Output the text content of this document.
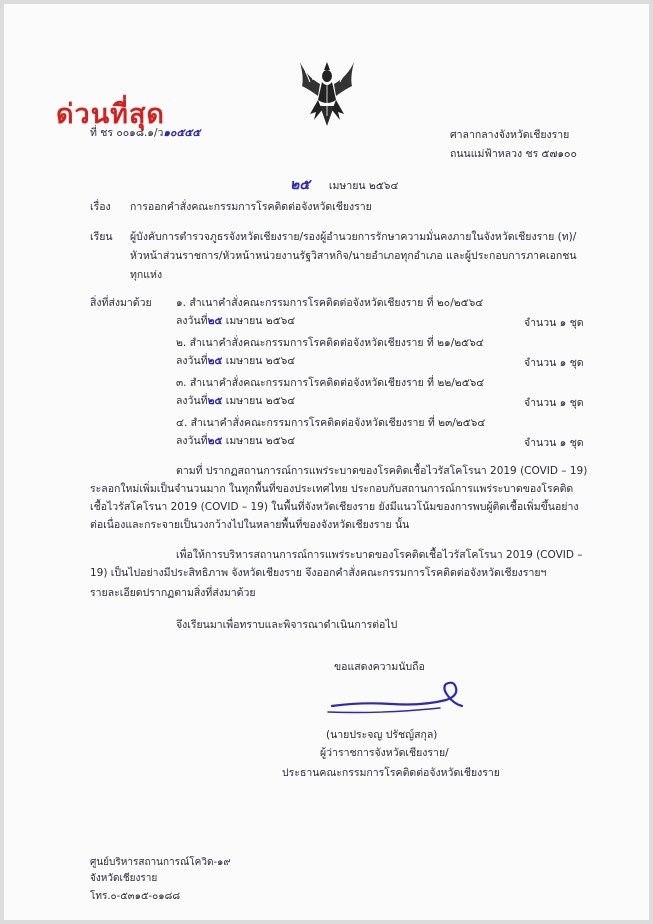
ด่วนที่สุด
ที่ ชร ๐๐๑๘.๑/ว๑๐๕๕๕	ศาลากลางจังหวัดเชียงราย
ถนนแม่ฟ้าหลวง ชร ๕๗๑๐๐
๒๕ เมษายน ๒๕๖๔
เรื่อง การออกคำสั่งคณะกรรมการโรคติดต่อจังหวัดเชียงราย
เรียน ผู้บังคับการตำรวจภูธรจังหวัดเชียงราย/รองผู้อำนวยการรักษาความมั่นคงภายในจังหวัดเชียงราย (ท)/
หัวหน้าส่วนราชการ/หัวหน้าหน่วยงานรัฐวิสาหกิจ/นายอำเภอทุกอำเภอ และผู้ประกอบการภาคเอกชน
ทุกแห่ง
สิ่งที่ส่งมาด้วย ๑. สำเนาคำสั่งคณะกรรมการโรคติดต่อจังหวัดเชียงราย ที่ ๒๐/๒๕๖๔
ลงวันที่๒๕ เมษายน ๒๕๖๔	จำนวน ๑ ชุด
๒. สำเนาคำสั่งคณะกรรมการโรคติดต่อจังหวัดเชียงราย ที่ ๒๑/๒๕๖๔
ลงวันที่๒๕ เมษายน ๒๕๖๔	จำนวน ๑ ชุด
๓. สำเนาคำสั่งคณะกรรมการโรคติดต่อจังหวัดเชียงราย ที่ ๒๒/๒๕๖๔
ลงวันที่๒๕ เมษายน ๒๕๖๔	จำนวน ๑ ชุด
๔. สำเนาคำสั่งคณะกรรมการโรคติดต่อจังหวัดเชียงราย ที่ ๒๓/๒๕๖๔
ลงวันที่๒๕ เมษายน ๒๕๖๔	จำนวน ๑ ชุด
ตามที่ ปรากฏสถานการณ์การแพร่ระบาดของโรคติดเชื้อไวรัสโคโรนา 2019 (COVID – 19)
ระลอกใหม่เพิ่มเป็นจำนวนมาก ในทุกพื้นที่ของประเทศไทย ประกอบกับสถานการณ์การแพร่ระบาดของโรคติด
เชื้อไวรัสโคโรนา 2019 (COVID – 19) ในพื้นที่จังหวัดเชียงราย ยังมีแนวโน้มของการพบผู้ติดเชื้อเพิ่มขึ้นอย่าง
ต่อเนื่องและกระจายเป็นวงกว้างไปในหลายพื้นที่ของจังหวัดเชียงราย นั้น
เพื่อให้การบริหารสถานการณ์การแพร่ระบาดของโรคติดเชื้อไวรัสโคโรนา 2019 (COVID –
19) เป็นไปอย่างมีประสิทธิภาพ จังหวัดเชียงราย จึงออกคำสั่งคณะกรรมการโรคติดต่อจังหวัดเชียงรายฯ
รายละเอียดปรากฏตามสิ่งที่ส่งมาด้วย
จึงเรียนมาเพื่อทราบและพิจารณาดำเนินการต่อไป
ขอแสดงความนับถือ
(นายประจญ ปรัชญ์สกุล)
ผู้ว่าราชการจังหวัดเชียงราย/
ประธานคณะกรรมการโรคติดต่อจังหวัดเชียงราย
ศูนย์บริหารสถานการณ์โควิด-๑๙
จังหวัดเชียงราย
โทร.๐-๕๓๑๕-๐๑๘๘
